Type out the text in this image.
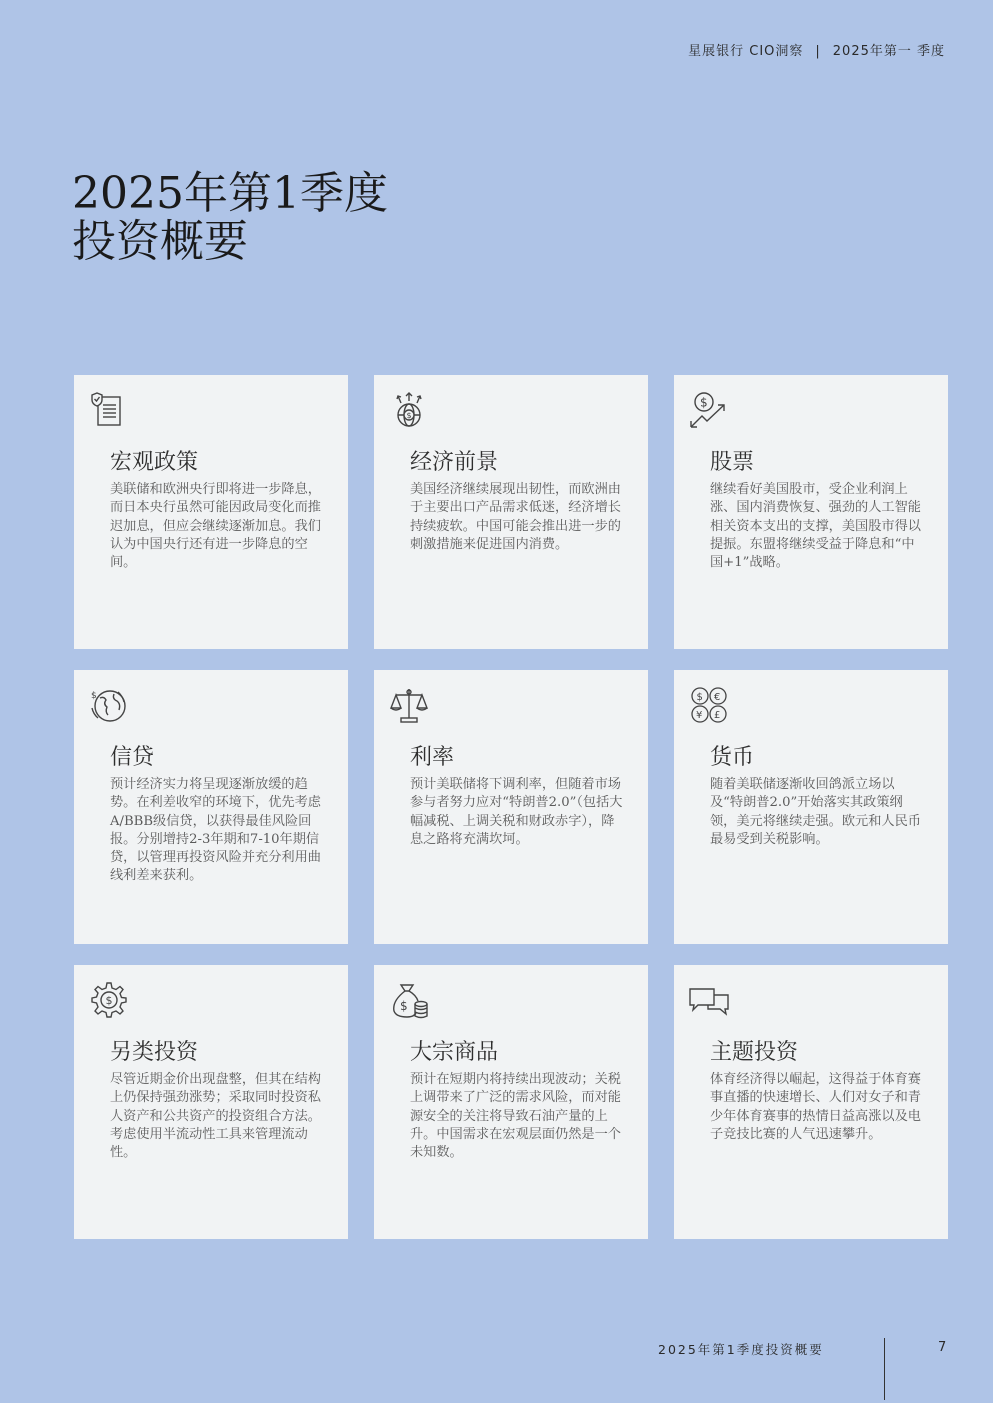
星展银行 CIO洞察 | 2025年第一 季度
2025年第1季度
投资概要
宏观政策

美联储和欧洲央行即将进一步降息，而日本央行虽然可能因政局变化而推迟加息，但应会继续逐渐加息。我们认为中国央行还有进一步降息的空间。

$
经济前景

美国经济继续展现出韧性，而欧洲由于主要出口产品需求低迷，经济增长持续疲软。中国可能会推出进一步的刺激措施来促进国内消费。

$
股票

继续看好美国股市，受企业利润上涨、国内消费恢复、强劲的人工智能相关资本支出的支撑，美国股市得以提振。东盟将继续受益于降息和“中国+1”战略。

$
信贷

预计经济实力将呈现逐渐放缓的趋势。在利差收窄的环境下，优先考虑A/BBB级信贷，以获得最佳风险回报。分别增持2-3年期和7-10年期信贷，以管理再投资风险并充分利用曲线利差来获利。

利率

预计美联储将下调利率，但随着市场参与者努力应对“特朗普2.0”（包括大幅减税、上调关税和财政赤字），降息之路将充满坎坷。

$ €
¥ £
货币

随着美联储逐渐收回鸽派立场以及“特朗普2.0”开始落实其政策纲领，美元将继续走强。欧元和人民币最易受到关税影响。

$
另类投资

尽管近期金价出现盘整，但其在结构上仍保持强劲涨势；采取同时投资私人资产和公共资产的投资组合方法。考虑使用半流动性工具来管理流动性。

$
大宗商品

预计在短期内将持续出现波动；关税上调带来了广泛的需求风险，而对能源安全的关注将导致石油产量的上升。中国需求在宏观层面仍然是一个未知数。

主题投资

体育经济得以崛起，这得益于体育赛事直播的快速增长、人们对女子和青少年体育赛事的热情日益高涨以及电子竞技比赛的人气迅速攀升。

2025年第1季度投资概要	7
